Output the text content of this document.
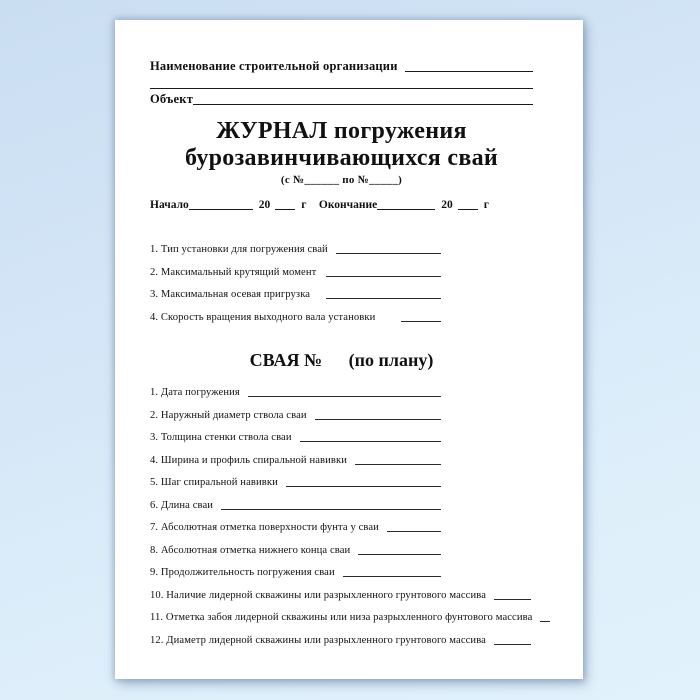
Наименование строительной организации
Объект
ЖУРНАЛ погружения
бурозавинчивающихся свай
(с №______ по №_____)
Начало	20	г Окончание	20	г
1. Тип установки для погружения свай
2. Максимальный крутящий момент
3. Максимальная осевая пригрузка
4. Скорость вращения выходного вала установки
СВАЯ № (по плану)
1. Дата погружения
2. Наружный диаметр ствола сваи
3. Толщина стенки ствола сваи
4. Ширина и профиль спиральной навивки
5. Шаг спиральной навивки
6. Длина сваи
7. Абсолютная отметка поверхности фунта у сваи
8. Абсолютная отметка нижнего конца сваи
9. Продолжительность погружения сваи
10. Наличие лидерной скважины или разрыхленного грунтового массива
11. Отметка забоя лидерной скважины или низа разрыхленного фунтового массива
12. Диаметр лидерной скважины или разрыхленного грунтового массива
